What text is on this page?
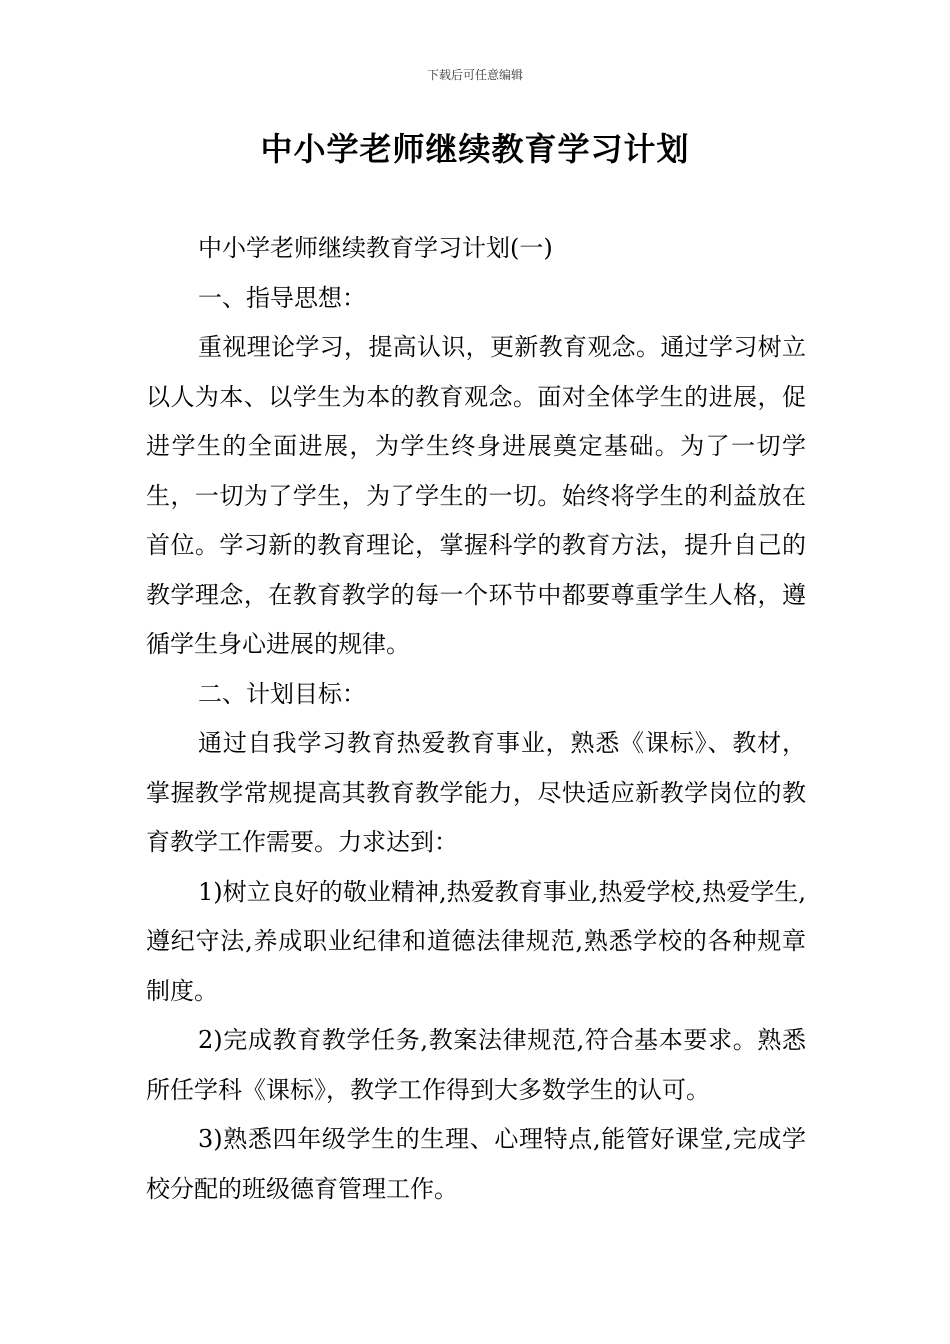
下载后可任意编辑
中小学老师继续教育学习计划

中小学老师继续教育学习计划(一)

一、指导思想：

重视理论学习，提高认识，更新教育观念。通过学习树立以人为本、以学生为本的教育观念。面对全体学生的进展，促进学生的全面进展，为学生终身进展奠定基础。为了一切学生，一切为了学生，为了学生的一切。始终将学生的利益放在首位。学习新的教育理论，掌握科学的教育方法，提升自己的教学理念，在教育教学的每一个环节中都要尊重学生人格，遵循学生身心进展的规律。

二、计划目标：

通过自我学习教育热爱教育事业，熟悉《课标》、教材，掌握教学常规提高其教育教学能力，尽快适应新教学岗位的教育教学工作需要。力求达到：

1)树立良好的敬业精神,热爱教育事业,热爱学校,热爱学生,遵纪守法,养成职业纪律和道德法律规范,熟悉学校的各种规章制度。

2)完成教育教学任务,教案法律规范,符合基本要求。熟悉所任学科《课标》，教学工作得到大多数学生的认可。

3)熟悉四年级学生的生理、心理特点,能管好课堂,完成学校分配的班级德育管理工作。
